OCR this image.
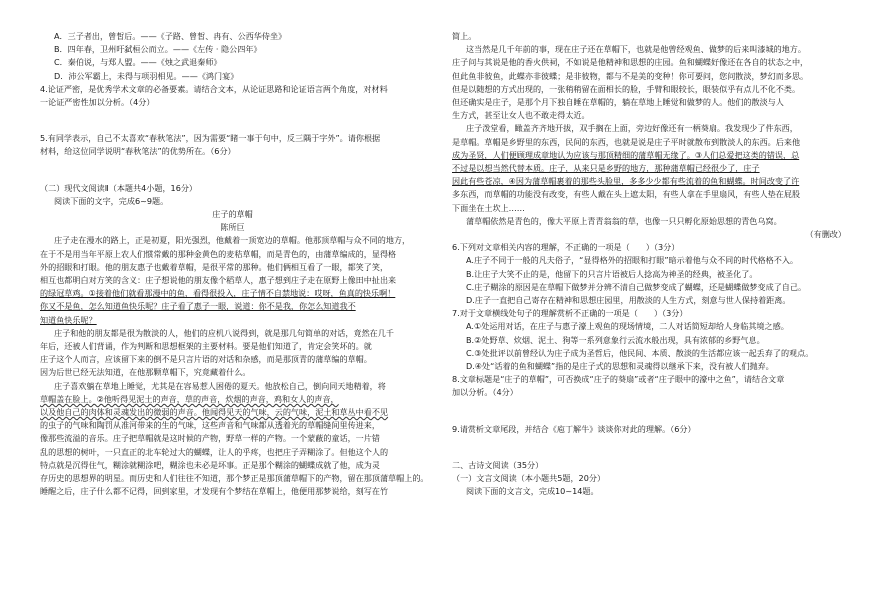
A．三子者出，曾皙后。——《子路、曾皙、冉有、公西华侍坐》
B．四年春，卫州吁弑桓公而立。——《左传 · 隐公四年》
C．秦伯说，与郑人盟。——《烛之武退秦师》
D．沛公军霸上，未得与项羽相见。——《鸿门宴》
4.论证严密，是优秀学术文章的必备要素。请结合文本，从论证思路和论证语言两个角度，对材料
一论证严密性加以分析。（4分）
5.有同学表示，自己不太喜欢“春秋笔法”，因为需要“睹一事于句中，反三隅于字外”。请你根据
材料，给这位同学说明“春秋笔法”的优势所在。（6分）
（二）现代文阅读Ⅱ（本题共4小题，16分）
阅读下面的文字，完成6~9题。
庄子的草帽
陈所巨
庄子走在漫水的路上，正是初夏，阳光强烈，他戴着一顶宽边的草帽。他那顶草帽与众不同的地方，
在于不是用当年平原上农人们惯常戴的那种金黄色的麦秸草帽，而是青色的，由蒲草编成的，显得格
外的招眼和打眼。他的朋友惠子也戴着草帽，是很平常的那种。他们俩相互看了一眼，都笑了笑，
相互也都明白对方笑的含义：庄子想说他的朋友像个稻草人，惠子想到庄子走在原野上像田中扯出来
的绿冠草鸡。①接着他们就看那漫中的鱼，看得很投入，庄子情不自禁地说：哎呀，鱼真的快乐啊！
你又不是鱼，怎么知道鱼快乐呢？庄子看了惠子一眼，说道：你不是我，你怎么知道我不
知道鱼快乐呢？
庄子和他的朋友都是很为散淡的人，他们的应机八说得到，就是那几句简单的对话，竟然在几千
年后，还被人们背诵，作为判断和思想框架的主要材料。要是他们知道了，肯定会笑坏的。就
庄子这个人而言，应该留下来的倒不是只言片语的对话和杂感，而是那顶青的蒲草编的草帽。
因为后世已经无法知道，在他那颗草帽下，究竟藏着什么。
庄子喜欢躺在草地上睡觉，尤其是在容易惹人困倦的夏天。他放松自己，倒向同天地精着，将
草帽盖在脸上。②他听得见泥土的声音，草的声音，炊烟的声音，鸡和女人的声音，
以及他自己的肉体和灵魂发出的微弱的声音。他闻得见天的气味，云的气味，泥土和草丛中看不见
的虫子的气味和陶罚从准河带来的生的气味，这些声音和气味都从透着光的草帽缝间里传进来，
像那些流溢的音乐。庄子把草帽就是这时候的产物，野草一样的产物。一个蒙蔽的童话，一片错
乱的思想的树叶，一只直正的北车轮过大的蝴蝶，让人的乎疼，也把庄子弄糊涂了。但他这个人的
特点就是沉得住气，糊涂就糊涂吧，糊涂也未必是坏事。正是那个糊涂的蝴蝶成就了他，成为灵
存历史的思想界的明星。而历史和人们往往不知道，那个梦正是那顶蒲草帽下的产物，留在那顶蒲草帽上的。
睡醒之后，庄子什么都不记得，回到家里，才发现有个梦结在草帽上，他便用那梦说给，刻写在竹
简上。
这当然是几千年前的事，现在庄子还在草帽下，也就是他曾经观鱼、做梦的后来叫漆城的地方。
庄子问与其说是他的香火供祠，不如说是他精神和思想的庄园。鱼和蝴蝶好像还在各自的状态之中，
但此鱼非彼鱼，此蝶亦非彼蝶；是非彼物，都与不是美的变种！你可要问，您问散淡，梦幻而多思。
但是以随想的方式出现的，一张稍稍留在面相长的脸，手臂和眼较长，眼装似乎有点儿不化不类。
但还确实是庄子，是那个月下独自睡在草帽的，躺在草地上睡觉和做梦的人。他们的散淡与人
生方式，甚至让女人也不敢走得太近。
庄子泼堂看，瞰盖齐齐地开拔，双手搁在上面，旁边好像还有一柄葵扇。我发现少了件东西，
是草帽。草帽是乡野里的东西，民间的东西，也就是说是庄子平时就散布到散淡人的东西。后来他
成为圣贤，人们便顾理成章地认为应该与那顶精细的蒲草帽无缘了。③人们总爱把这类的错误，总
不过是以想当然代替本质。庄子，从来只是乡野的地方，那种蒲草帽已经很少了，庄子
因此有些苍凉，④因为蒲草帽裹着的那些头脸里，多多少少都有些流着的鱼和蝴蝶。时间改变了许
多东西，而草帽的功能没有改变，有些人戴在头上遮太阳，有些人拿在手里扇风，有些人垫在屁股
下面坐在土坎上……
蒲草帽依然是青色的，像大平原上青青翁翁的草，也像一只只孵化原始思想的青色乌窝。
（有删改）
6.下列对文章相关内容的理解，不正确的一项是（　　）（3分）
A.庄子不同于一般的凡夫俗子，“显得格外的招眼和打眼”暗示着他与众不同的时代格格不入。
B.让庄子大笑不止的是，他留下的只言片语被后人捻高为神圣的经典，被圣化了。
C.庄子糊涂的原因是在草帽下做梦并分辨不清自己做梦变成了蝴蝶，还是蝴蝶做梦变成了自己。
D.庄子一直把自己寄存在精神和思想庄园里，用散淡的人生方式，刻意与世人保持着距离。
7.对于文章横线处句子的理解赏析不正确的一项是（　　）（3分）
A.①处运用对话，在庄子与惠子濠上观鱼的现场情境，二人对话简短却给人身临其境之感。
B.②处野草、炊烟、泥土、狗等一系列意象行云流水般出现，具有浓郁的乡野气息。
C.③处批评以前曾经认为庄子成为圣哲后，他民间、本质、散淡的生活都应该一起丢弃了的观点。
D.④处“话着的鱼和蝴蝶”指的是庄子式的思想和灵魂得以继承下来，没有被人们抛弃。
8.文章标题是“庄子的草帽”，可否换成“庄子的葵扇”或者“庄子眼中的濠中之鱼”，请结合文章
加以分析。（4分）
9.请赏析文章尾段，并结合《庖丁解牛》谈谈你对此的理解。（6分）
二、古诗文阅读（35分）
（一）文言文阅读（本小题共5题，20分）
阅读下面的文言文，完成10~14题。
